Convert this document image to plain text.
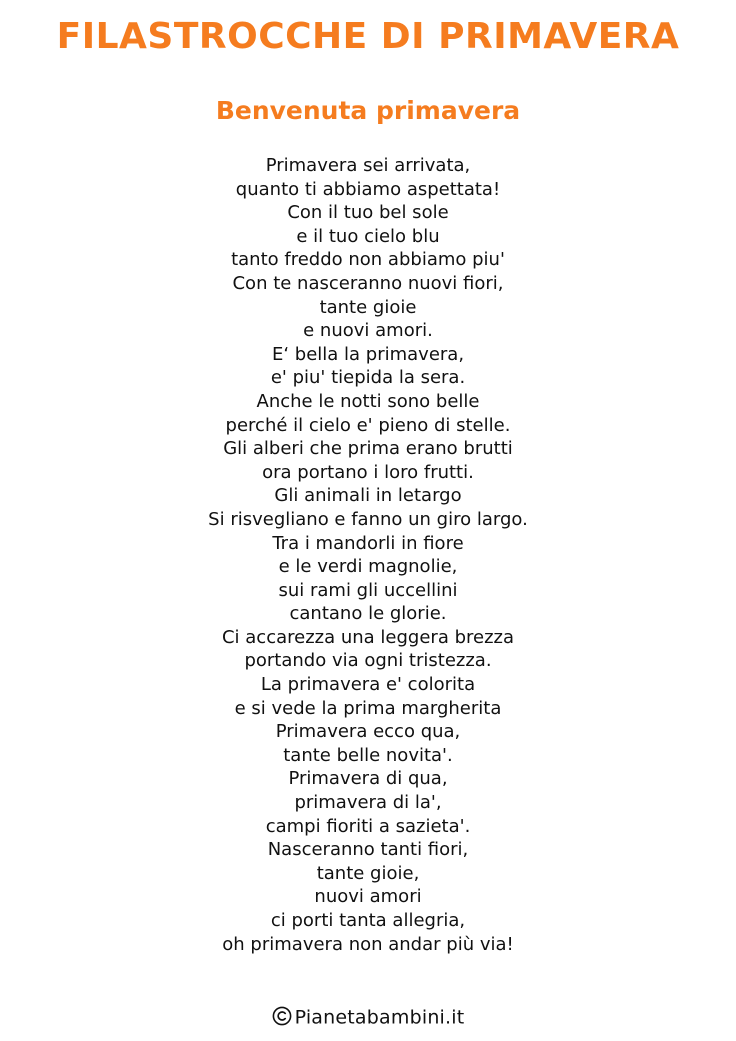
FILASTROCCHE DI PRIMAVERA
Benvenuta primavera
Primavera sei arrivata,
quanto ti abbiamo aspettata!
Con il tuo bel sole
e il tuo cielo blu
tanto freddo non abbiamo piu'
Con te nasceranno nuovi fiori,
tante gioie
e nuovi amori.
E‘ bella la primavera,
e' piu' tiepida la sera.
Anche le notti sono belle
perché il cielo e' pieno di stelle.
Gli alberi che prima erano brutti
ora portano i loro frutti.
Gli animali in letargo
Si risvegliano e fanno un giro largo.
Tra i mandorli in fiore
e le verdi magnolie,
sui rami gli uccellini
cantano le glorie.
Ci accarezza una leggera brezza
portando via ogni tristezza.
La primavera e' colorita
e si vede la prima margherita
Primavera ecco qua,
tante belle novita'.
Primavera di qua,
primavera di la',
campi fioriti a sazieta'.
Nasceranno tanti fiori,
tante gioie,
nuovi amori
ci porti tanta allegria,
oh primavera non andar più via!
Pianetabambini.it
